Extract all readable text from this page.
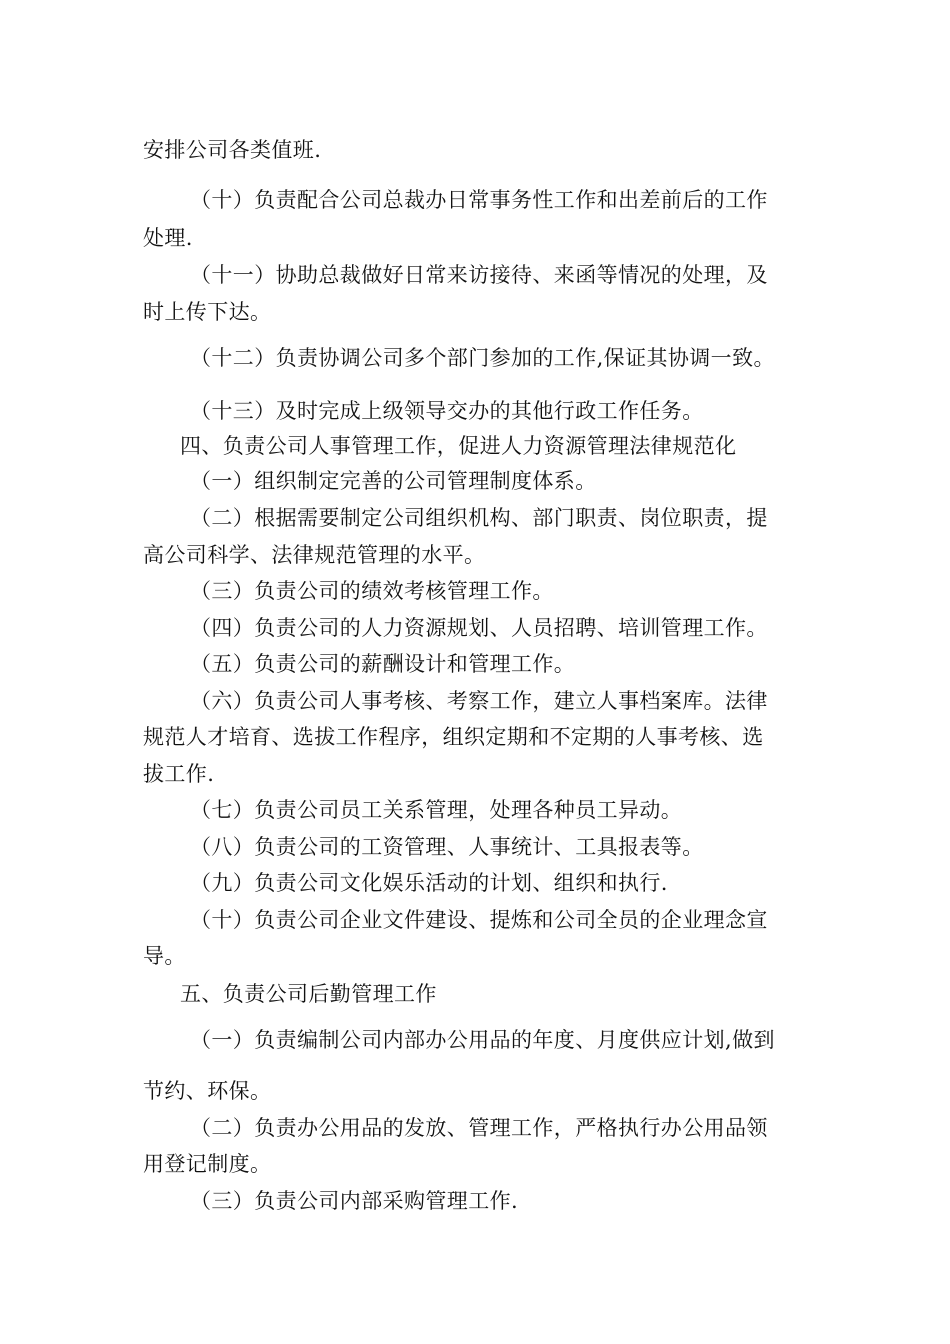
安排公司各类值班.
（十）负责配合公司总裁办日常事务性工作和出差前后的工作
处理.
（十一）协助总裁做好日常来访接待、来函等情况的处理，及
时上传下达。
（十二）负责协调公司多个部门参加的工作,保证其协调一致。
（十三）及时完成上级领导交办的其他行政工作任务。
四、负责公司人事管理工作，促进人力资源管理法律规范化
（一）组织制定完善的公司管理制度体系。
（二）根据需要制定公司组织机构、部门职责、岗位职责，提
高公司科学、法律规范管理的水平。
（三）负责公司的绩效考核管理工作。
（四）负责公司的人力资源规划、人员招聘、培训管理工作。
（五）负责公司的薪酬设计和管理工作。
（六）负责公司人事考核、考察工作，建立人事档案库。法律
规范人才培育、选拔工作程序，组织定期和不定期的人事考核、选
拔工作.
（七）负责公司员工关系管理，处理各种员工异动。
（八）负责公司的工资管理、人事统计、工具报表等。
（九）负责公司文化娱乐活动的计划、组织和执行.
（十）负责公司企业文件建设、提炼和公司全员的企业理念宣
导。
五、负责公司后勤管理工作
（一）负责编制公司内部办公用品的年度、月度供应计划,做到
节约、环保。
（二）负责办公用品的发放、管理工作，严格执行办公用品领
用登记制度。
（三）负责公司内部采购管理工作.
